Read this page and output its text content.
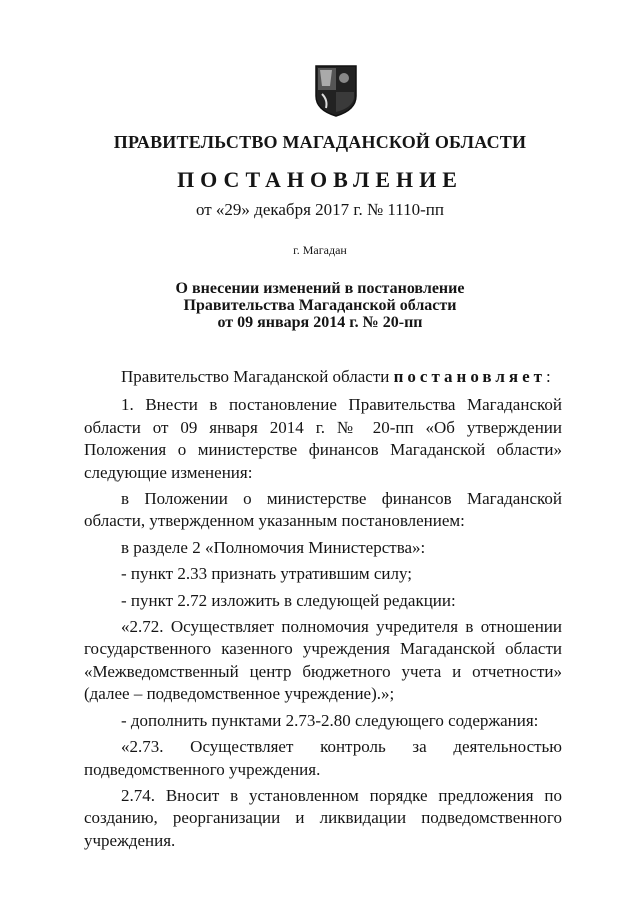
ПРАВИТЕЛЬСТВО МАГАДАНСКОЙ ОБЛАСТИ
ПОСТАНОВЛЕНИЕ
от «29» декабря 2017 г. № 1110-пп
г. Магадан
О внесении изменений в постановление
Правительства Магаданской области
от 09 января 2014 г. № 20-пп

Правительство Магаданской области постановляет:

1. Внести в постановление Правительства Магаданской области от 09 января 2014 г. № 20-пп «Об утверждении Положения о министерстве финансов Магаданской области» следующие изменения:

в Положении о министерстве финансов Магаданской области, утвержденном указанным постановлением:

в разделе 2 «Полномочия Министерства»:

- пункт 2.33 признать утратившим силу;

- пункт 2.72 изложить в следующей редакции:

«2.72. Осуществляет полномочия учредителя в отношении государственного казенного учреждения Магаданской области «Межведомственный центр бюджетного учета и отчетности» (далее – подведомственное учреждение).»;

- дополнить пунктами 2.73-2.80 следующего содержания:

«2.73. Осуществляет контроль за деятельностью подведомственного учреждения.

2.74. Вносит в установленном порядке предложения по созданию, реорганизации и ликвидации подведомственного учреждения.
